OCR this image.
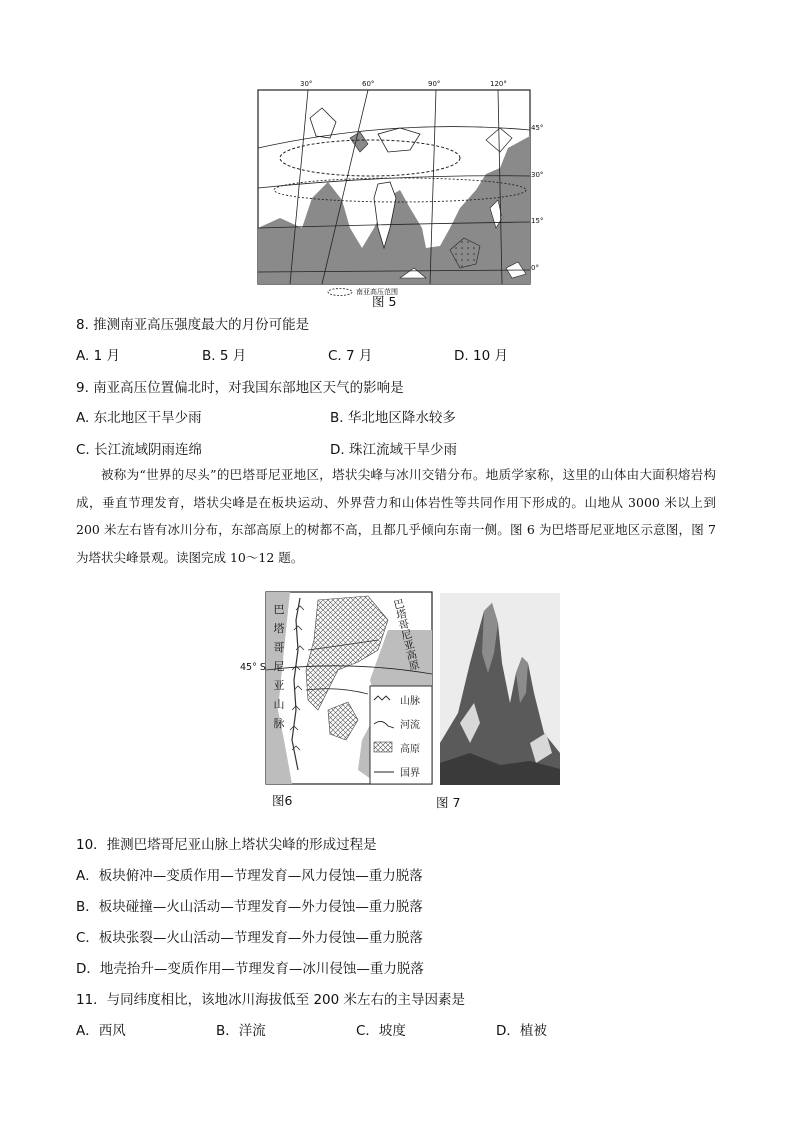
30°	60°	90°	120°
45°
30°
15°
0°
南亚高压范围
图 5
8. 推测南亚高压强度最大的月份可能是
A. 1 月	B. 5 月	C. 7 月	D. 10 月
9. 南亚高压位置偏北时，对我国东部地区天气的影响是
A. 东北地区干旱少雨	B. 华北地区降水较多
C. 长江流域阴雨连绵	D. 珠江流域干旱少雨
被称为“世界的尽头”的巴塔哥尼亚地区，塔状尖峰与冰川交错分布。地质学家称，这里的山体由大面积熔岩构成，垂直节理发育，塔状尖峰是在板块运动、外界营力和山体岩性等共同作用下形成的。山地从 3000 米以上到 200 米左右皆有冰川分布，东部高原上的树都不高，且都几乎倾向东南一侧。图 6 为巴塔哥尼亚地区示意图，图 7 为塔状尖峰景观。读图完成 10～12 题。
巴
塔
哥
尼
亚
山
脉
巴塔哥尼亚高原
45° S
山脉
河流
高原
国界
图6	图 7
10．推测巴塔哥尼亚山脉上塔状尖峰的形成过程是
A．板块俯冲—变质作用—节理发育—风力侵蚀—重力脱落
B．板块碰撞—火山活动—节理发育—外力侵蚀—重力脱落
C．板块张裂—火山活动—节理发育—外力侵蚀—重力脱落
D．地壳抬升—变质作用—节理发育—冰川侵蚀—重力脱落
11．与同纬度相比，该地冰川海拔低至 200 米左右的主导因素是
A．西风	B．洋流	C．坡度	D．植被
